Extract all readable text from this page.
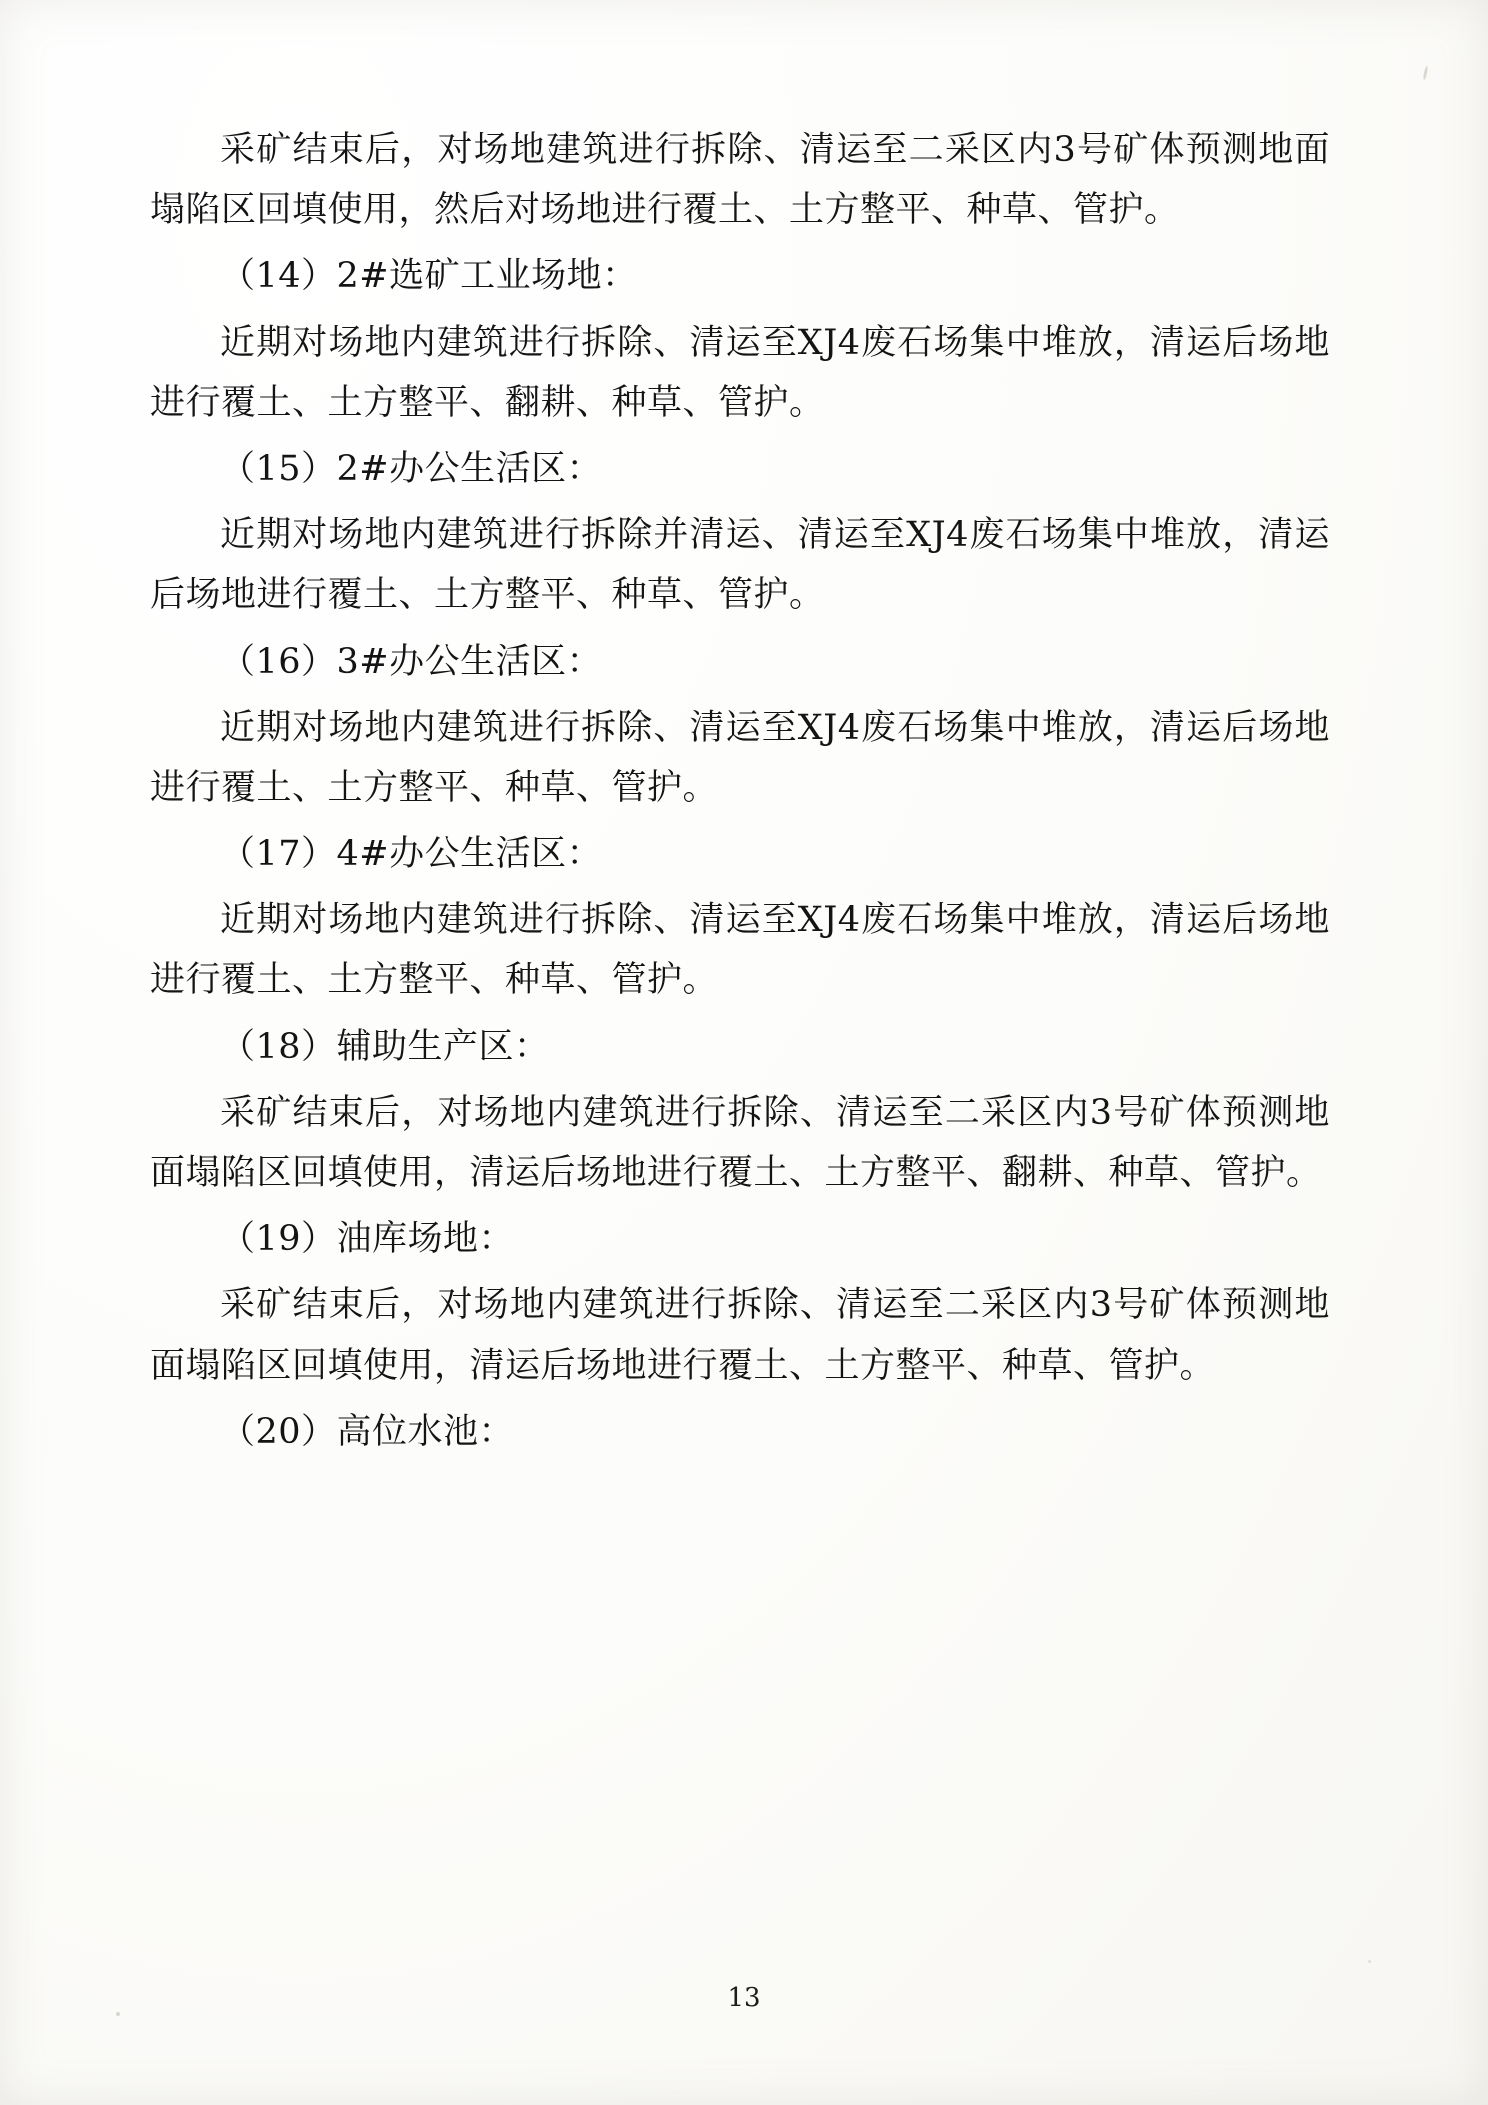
采矿结束后，对场地建筑进行拆除、清运至二采区内3号矿体预测地面塌陷区回填使用，然后对场地进行覆土、土方整平、种草、管护。

（14）2#选矿工业场地：

近期对场地内建筑进行拆除、清运至XJ4废石场集中堆放，清运后场地进行覆土、土方整平、翻耕、种草、管护。

（15）2#办公生活区：

近期对场地内建筑进行拆除并清运、清运至XJ4废石场集中堆放，清运后场地进行覆土、土方整平、种草、管护。

（16）3#办公生活区：

近期对场地内建筑进行拆除、清运至XJ4废石场集中堆放，清运后场地进行覆土、土方整平、种草、管护。

（17）4#办公生活区：

近期对场地内建筑进行拆除、清运至XJ4废石场集中堆放，清运后场地进行覆土、土方整平、种草、管护。

（18）辅助生产区：

采矿结束后，对场地内建筑进行拆除、清运至二采区内3号矿体预测地面塌陷区回填使用，清运后场地进行覆土、土方整平、翻耕、种草、管护。

（19）油库场地：

采矿结束后，对场地内建筑进行拆除、清运至二采区内3号矿体预测地面塌陷区回填使用，清运后场地进行覆土、土方整平、种草、管护。

（20）高位水池：

13
